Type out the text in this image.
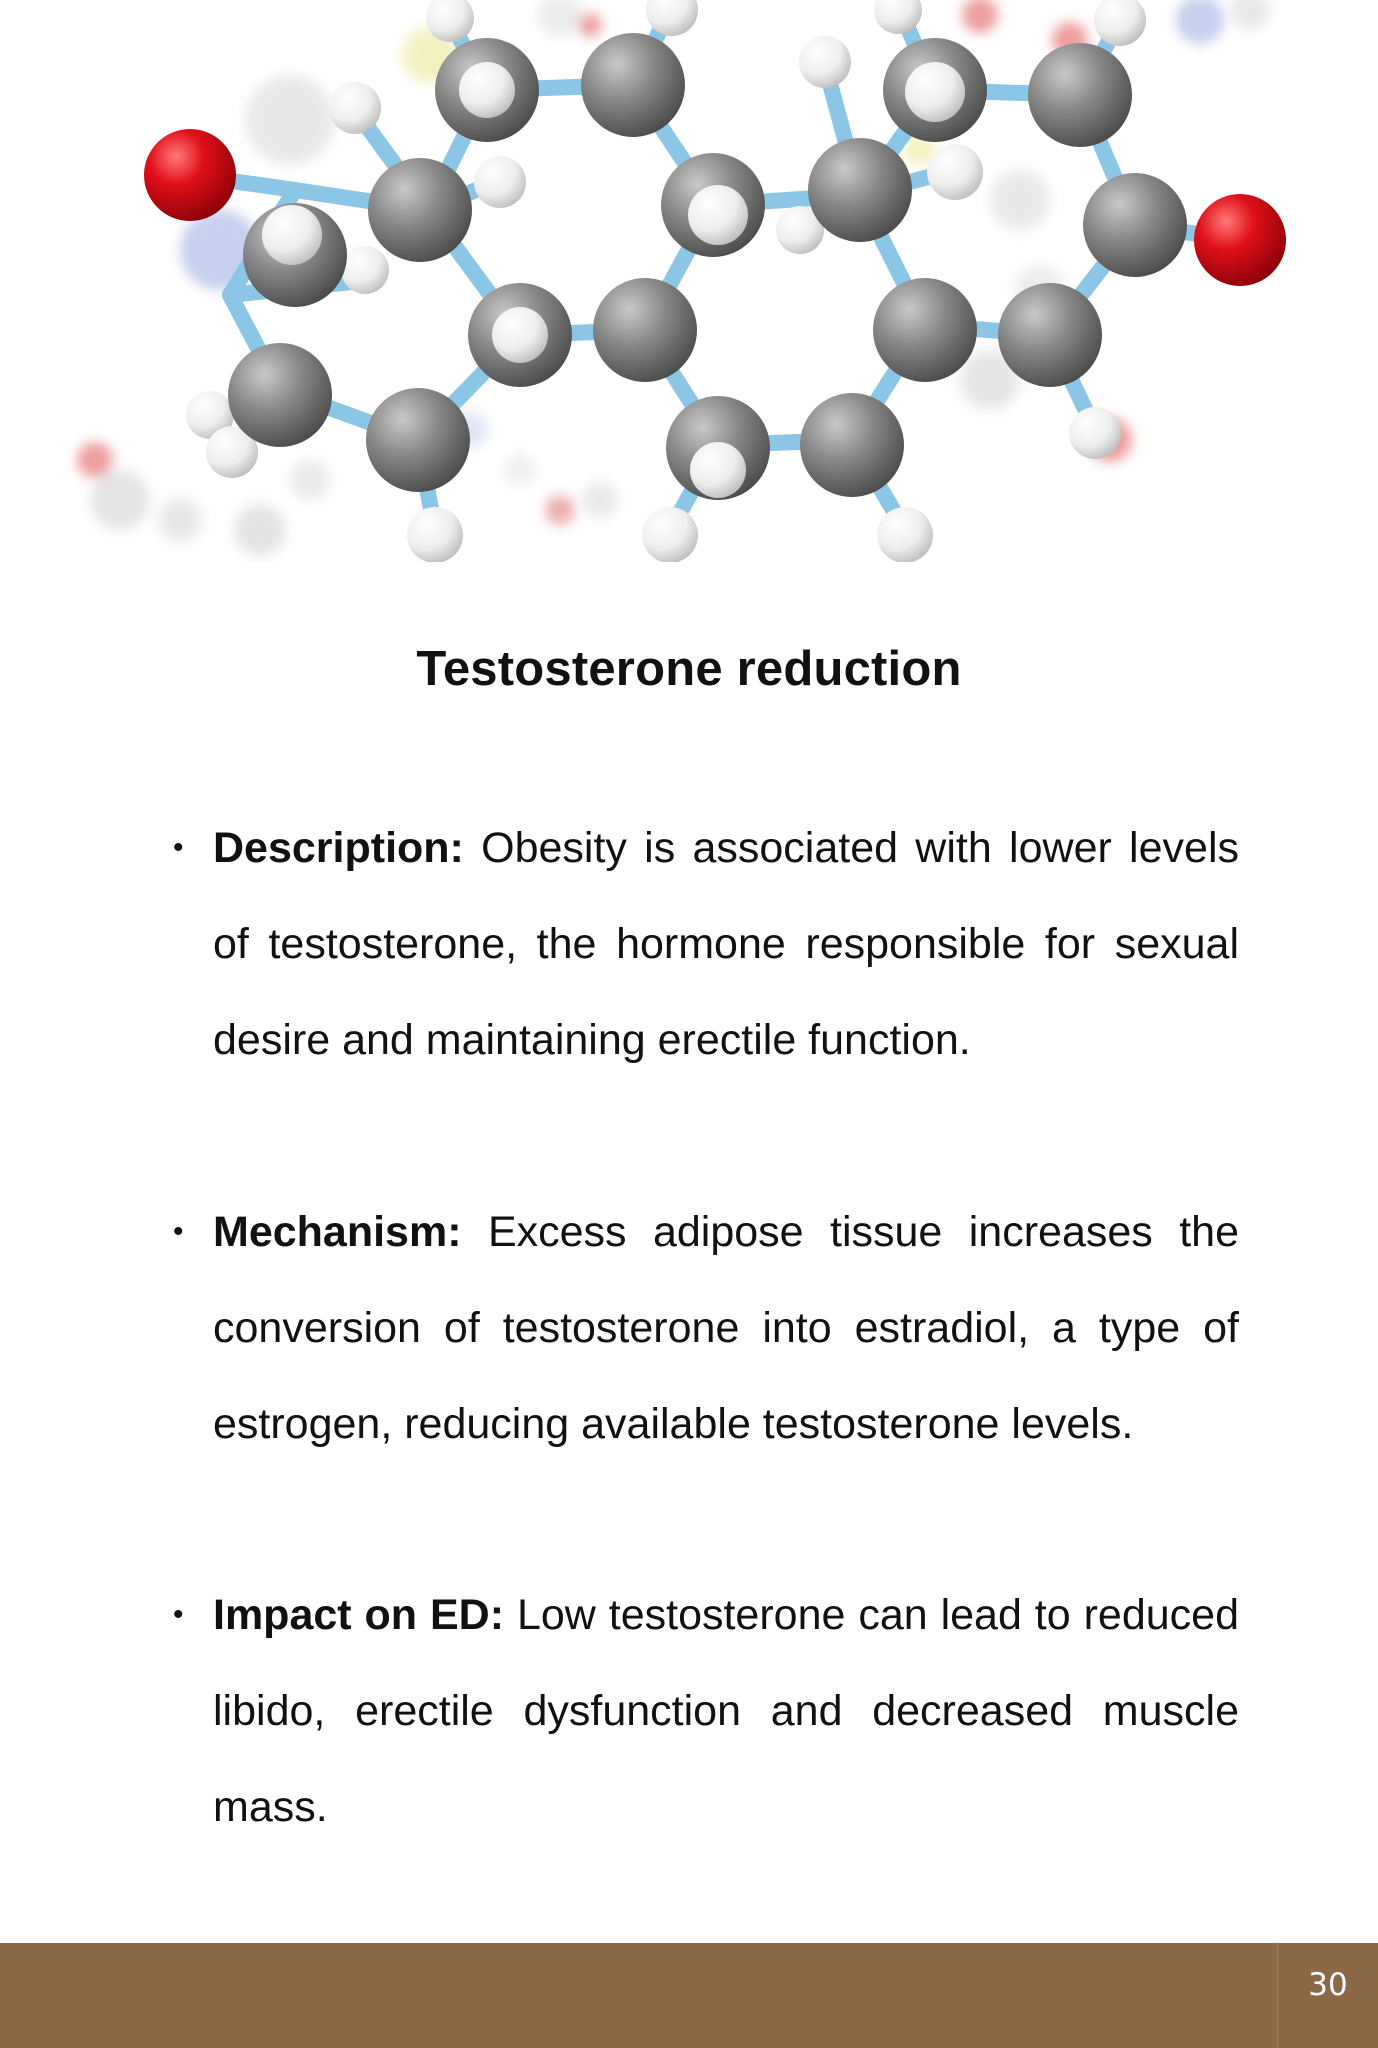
Testosterone reduction
• Description: Obesity is associated with lower levels of testosterone, the hormone responsible for sexual desire and maintaining erectile function.
• Mechanism: Excess adipose tissue increases the conversion of testosterone into estradiol, a type of estrogen, reducing available testosterone levels.
• Impact on ED: Low testosterone can lead to reduced libido, erectile dysfunction and decreased muscle mass.
30
